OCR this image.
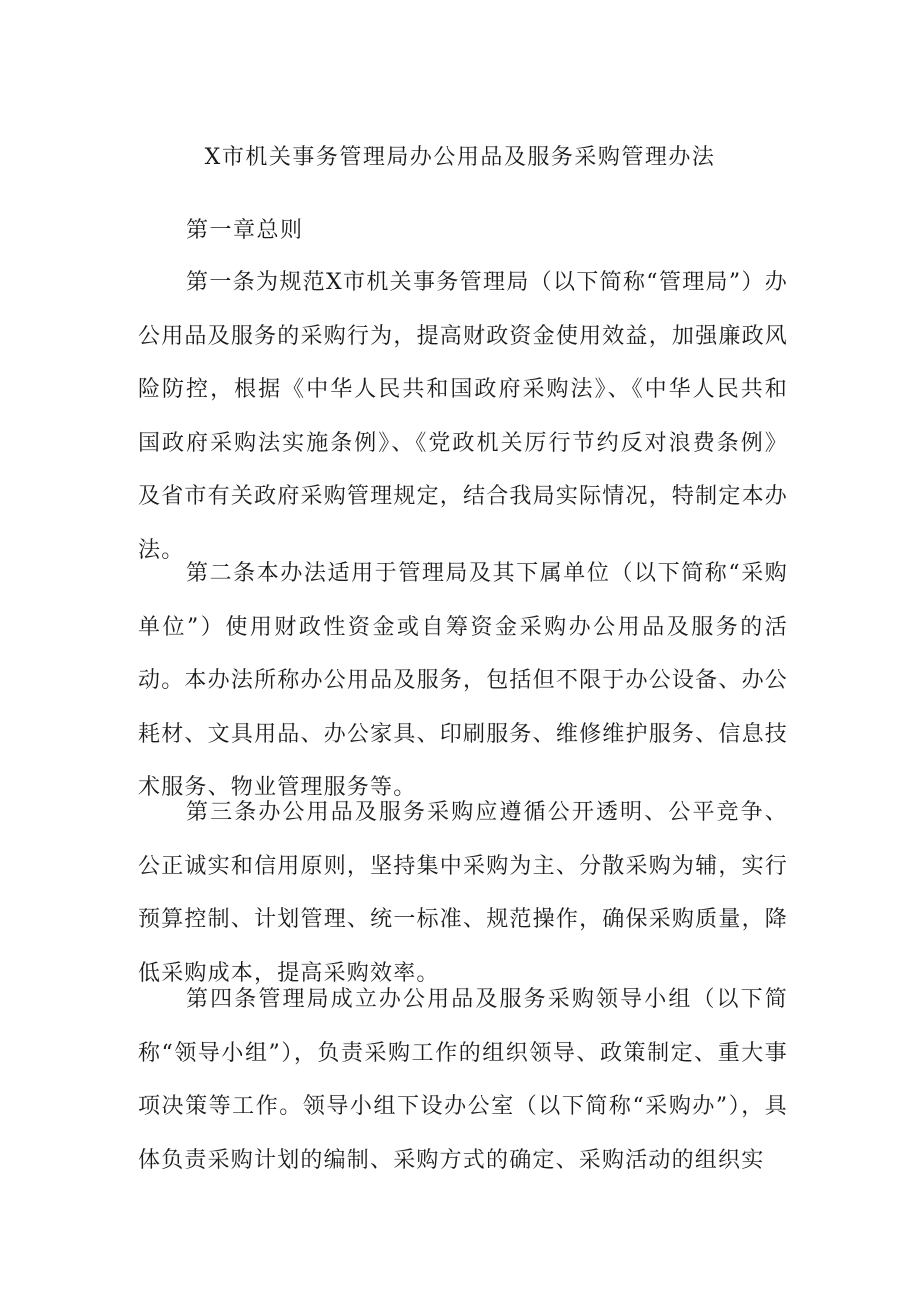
X市机关事务管理局办公用品及服务采购管理办法
第一章总则

第一条为规范X市机关事务管理局（以下简称“管理局”）办公用品及服务的采购行为，提高财政资金使用效益，加强廉政风险防控，根据《中华人民共和国政府采购法》、《中华人民共和国政府采购法实施条例》、《党政机关厉行节约反对浪费条例》及省市有关政府采购管理规定，结合我局实际情况，特制定本办法。

第二条本办法适用于管理局及其下属单位（以下简称“采购单位”）使用财政性资金或自筹资金采购办公用品及服务的活动。本办法所称办公用品及服务，包括但不限于办公设备、办公耗材、文具用品、办公家具、印刷服务、维修维护服务、信息技术服务、物业管理服务等。

第三条办公用品及服务采购应遵循公开透明、公平竞争、公正诚实和信用原则，坚持集中采购为主、分散采购为辅，实行预算控制、计划管理、统一标准、规范操作，确保采购质量，降低采购成本，提高采购效率。

第四条管理局成立办公用品及服务采购领导小组（以下简称“领导小组”），负责采购工作的组织领导、政策制定、重大事项决策等工作。领导小组下设办公室（以下简称“采购办”），具体负责采购计划的编制、采购方式的确定、采购活动的组织实
